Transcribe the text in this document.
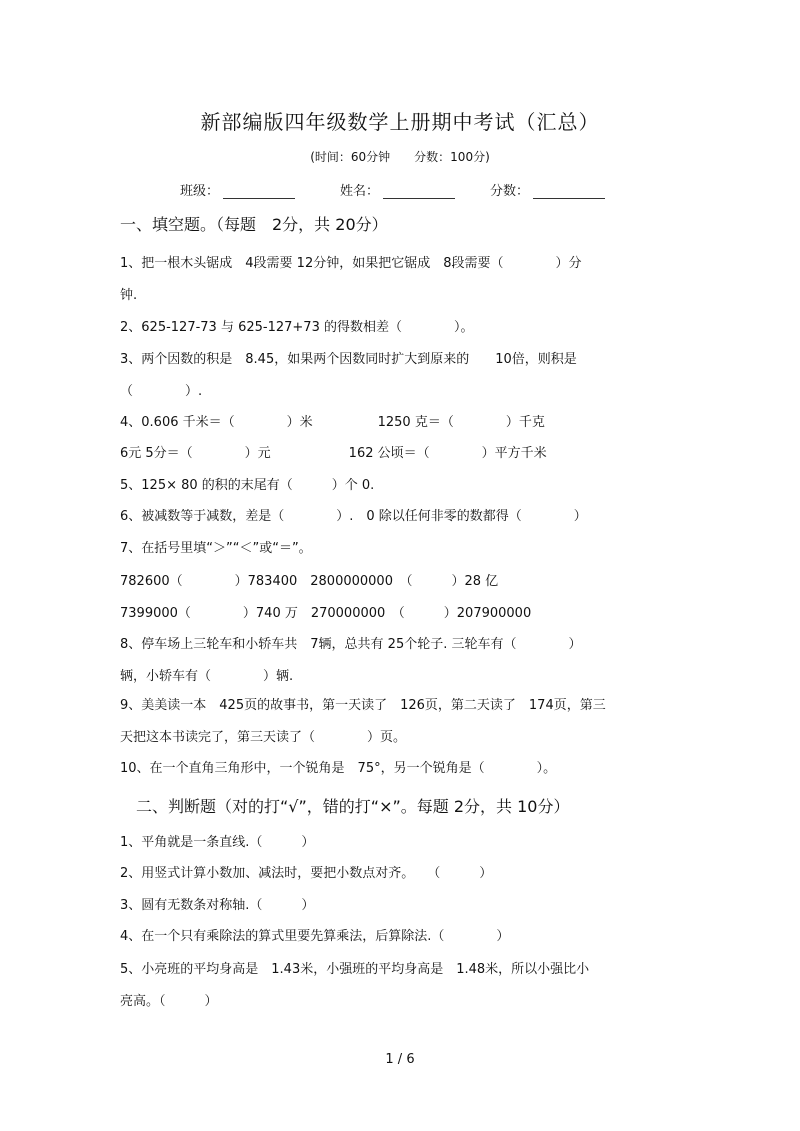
新部编版四年级数学上册期中考试（汇总）
(时间：60分钟　　分数：100分)
班级：	姓名：	分数：
一、填空题。（每题　2分，共 20分）
1、把一根木头锯成　4段需要 12分钟，如果把它锯成　8段需要（　　　　）分
钟.
2、625-127-73 与 625-127+73 的得数相差（　　　　）。
3、两个因数的积是　8.45，如果两个因数同时扩大到原来的　　10倍，则积是
（　　　　）.
4、0.606 千米＝（　　　　）米　　　　　1250 克＝（　　　　）千克
6元 5分＝（　　　　）元　　　　　　162 公顷＝（　　　　）平方千米
5、125× 80 的积的末尾有（　　　）个 0.
6、被减数等于减数，差是（　　　　）.　0 除以任何非零的数都得（　　　　）
7、在括号里填“＞”“＜”或“＝”。
782600（　　　　）783400　2800000000　（　　　）28 亿
7399000（　　　　）740 万　270000000　（　　　）207900000
8、停车场上三轮车和小轿车共　7辆，总共有 25个轮子. 三轮车有（　　　　）
辆，小轿车有（　　　　）辆.
9、美美读一本　425页的故事书，第一天读了　126页，第二天读了　174页，第三
天把这本书读完了，第三天读了（　　　　）页。
10、在一个直角三角形中，一个锐角是　75°，另一个锐角是（　　　　）。
二、判断题（对的打“√”，错的打“×”。每题 2分，共 10分）
1、平角就是一条直线.（　　　）
2、用竖式计算小数加、减法时，要把小数点对齐。　　（　　　）
3、圆有无数条对称轴.（　　　）
4、在一个只有乘除法的算式里要先算乘法，后算除法.（　　　　）
5、小亮班的平均身高是　1.43米，小强班的平均身高是　1.48米，所以小强比小
亮高。（　　　）
1 / 6
